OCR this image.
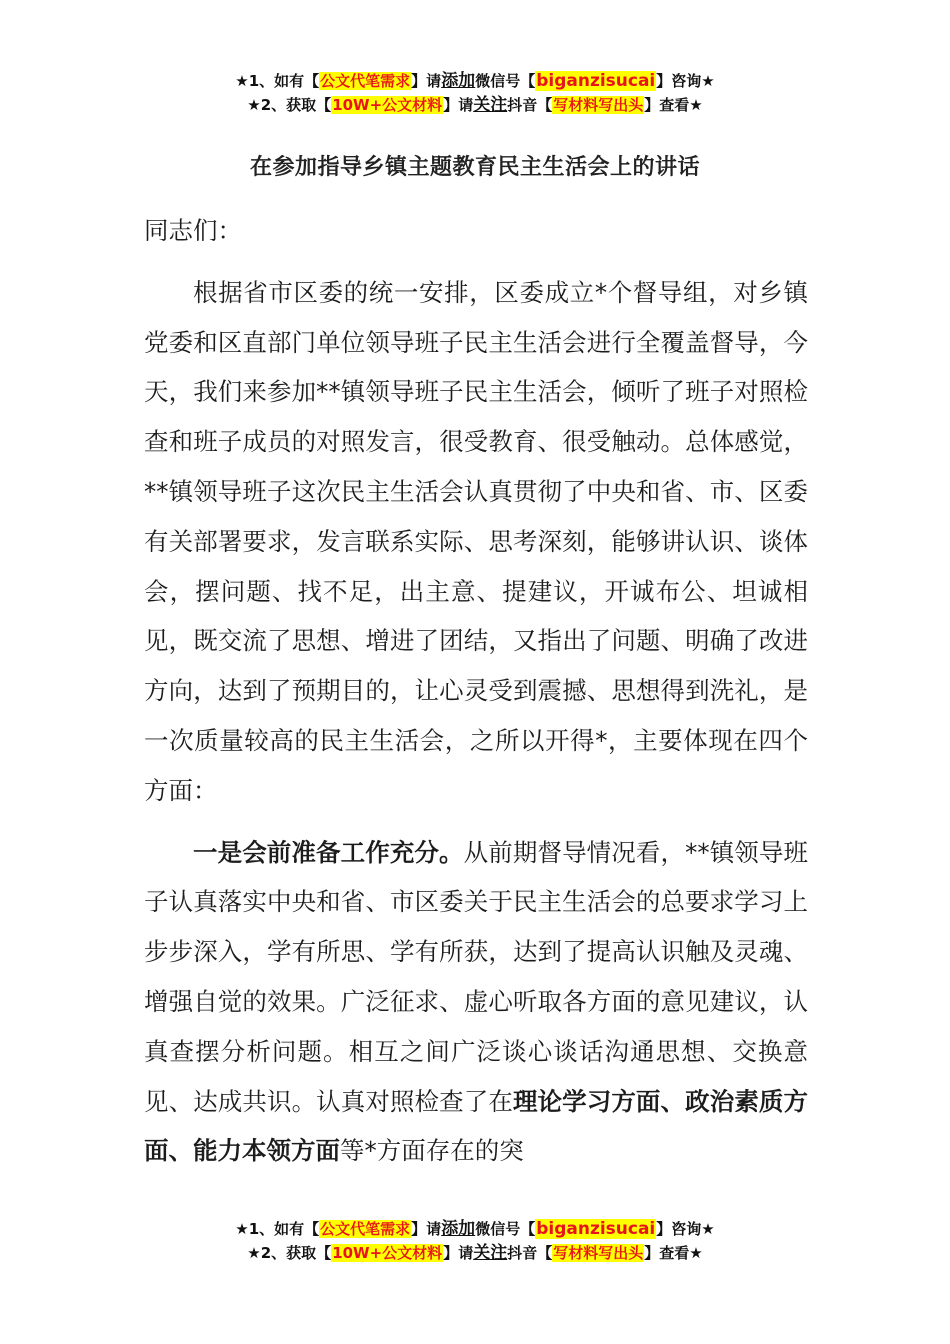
★1、如有【公文代笔需求】请添加微信号【biganzisucai】咨询★
★2、获取【10W+公文材料】请关注抖音【写材料写出头】查看★
在参加指导乡镇主题教育民主生活会上的讲话

同志们：

根据省市区委的统一安排，区委成立*个督导组，对乡镇党委和区直部门单位领导班子民主生活会进行全覆盖督导，今天，我们来参加**镇领导班子民主生活会，倾听了班子对照检查和班子成员的对照发言，很受教育、很受触动。总体感觉，**镇领导班子这次民主生活会认真贯彻了中央和省、市、区委有关部署要求，发言联系实际、思考深刻，能够讲认识、谈体会，摆问题、找不足，出主意、提建议，开诚布公、坦诚相见，既交流了思想、增进了团结，又指出了问题、明确了改进方向，达到了预期目的，让心灵受到震撼、思想得到洗礼，是一次质量较高的民主生活会，之所以开得*，主要体现在四个方面：

一是会前准备工作充分。从前期督导情况看，**镇领导班子认真落实中央和省、市区委关于民主生活会的总要求学习上步步深入，学有所思、学有所获，达到了提高认识触及灵魂、增强自觉的效果。广泛征求、虚心听取各方面的意见建议，认真查摆分析问题。相互之间广泛谈心谈话沟通思想、交换意见、达成共识。认真对照检查了在理论学习方面、政治素质方面、能力本领方面等*方面存在的突

★1、如有【公文代笔需求】请添加微信号【biganzisucai】咨询★
★2、获取【10W+公文材料】请关注抖音【写材料写出头】查看★
